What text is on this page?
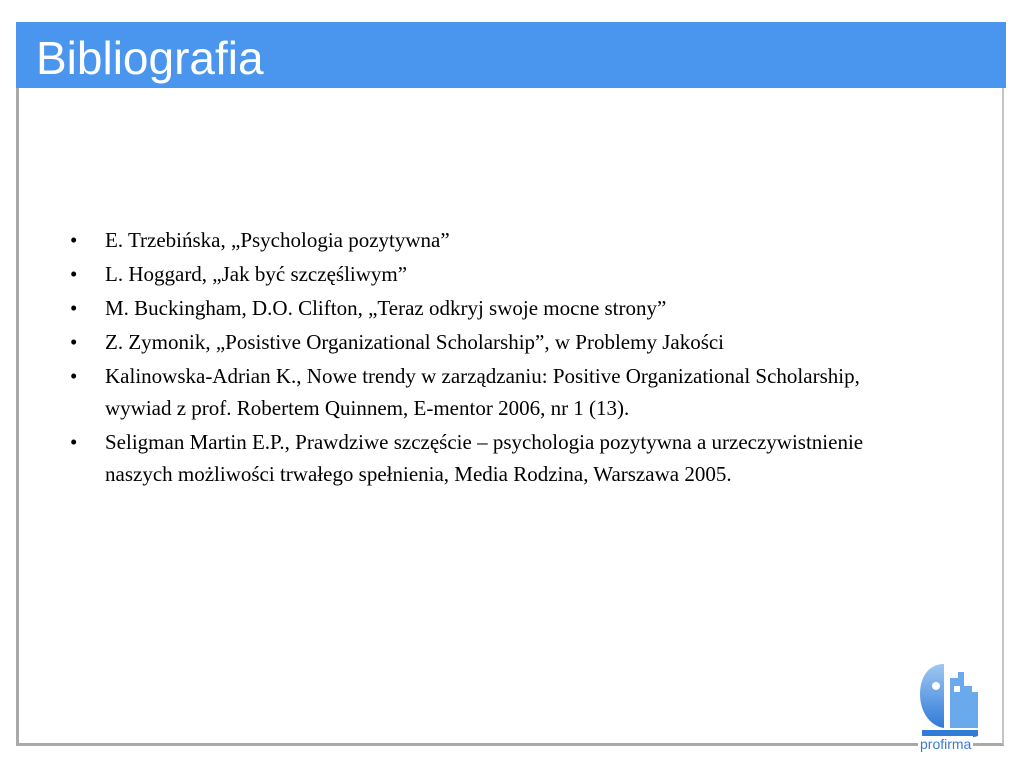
Bibliografia
• E. Trzebińska, „Psychologia pozytywna”
• L. Hoggard, „Jak być szczęśliwym”
• M. Buckingham, D.O. Clifton, „Teraz odkryj swoje mocne strony”
• Z. Zymonik, „Posistive Organizational Scholarship”, w Problemy Jakości
• Kalinowska-Adrian K., Nowe trendy w zarządzaniu: Positive Organizational Scholarship, wywiad z prof. Robertem Quinnem, E-mentor 2006, nr 1 (13).
• Seligman Martin E.P., Prawdziwe szczęście – psychologia pozytywna a urzeczywistnienie naszych możliwości trwałego spełnienia, Media Rodzina, Warszawa 2005.
profirma
